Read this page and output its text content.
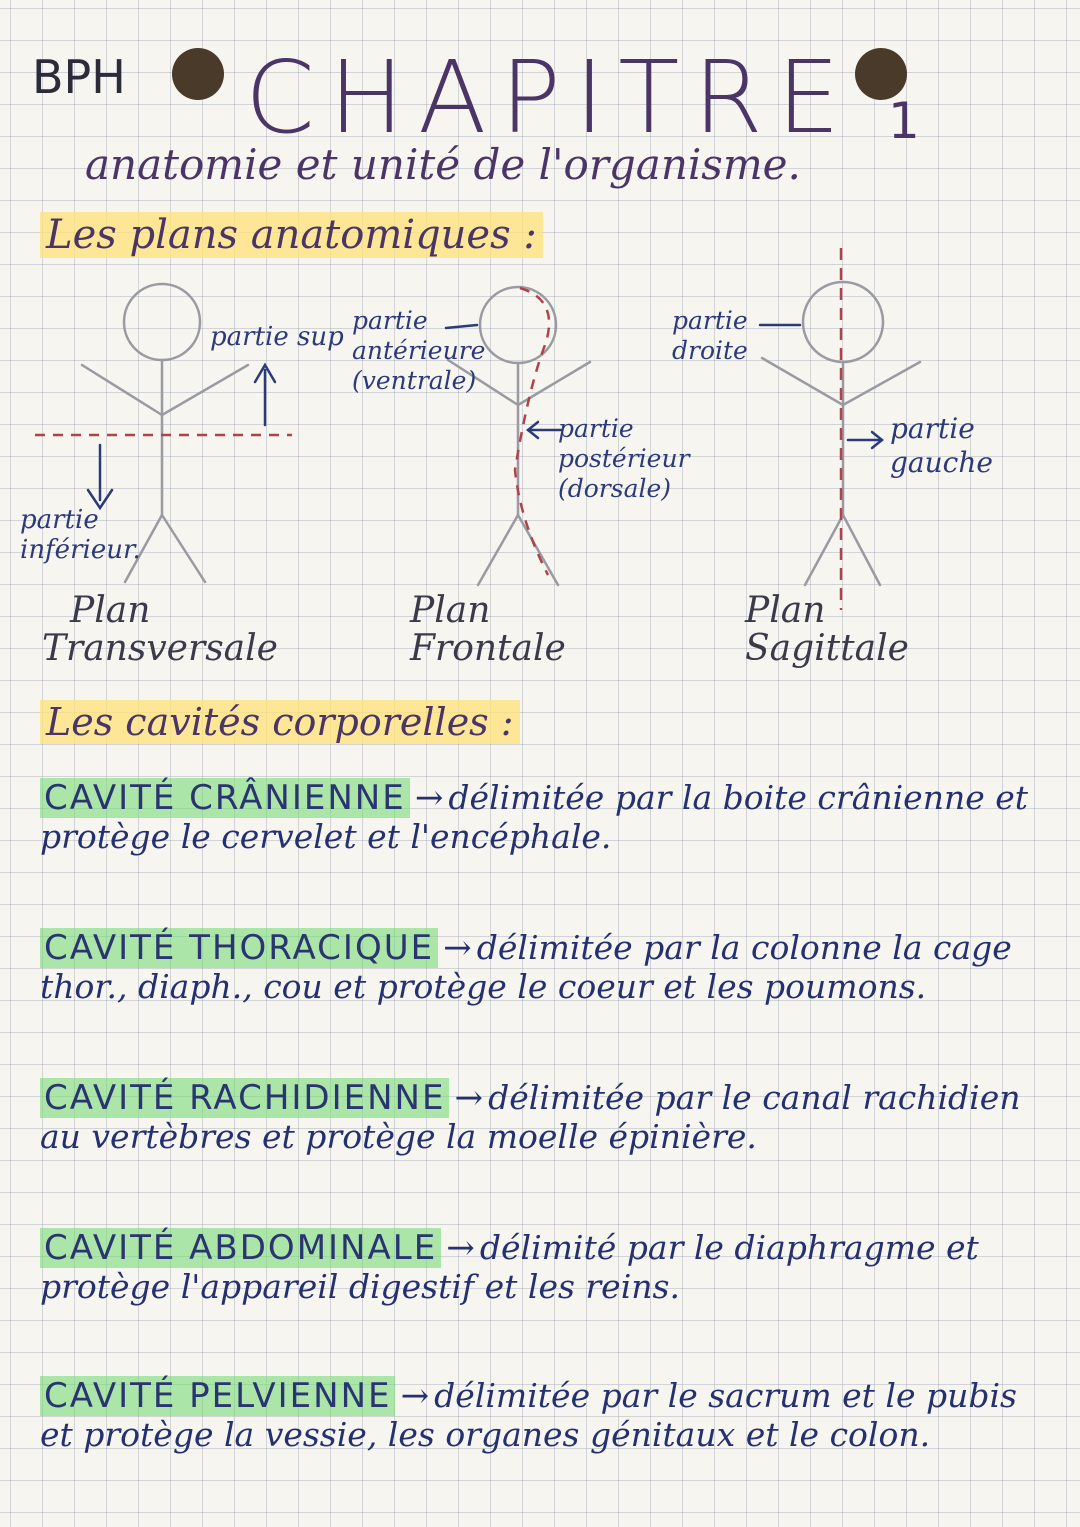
BPH CHAPITRE 1
anatomie et unité de l'organisme.
Les plans anatomiques :
partie sup
partie inférieur.
partie antérieure (ventrale)
partie postérieur (dorsale)
partie droite
partie gauche
Plan
Transversale
Plan
Frontale
Plan
Sagittale
Les cavités corporelles :
CAVITÉ CRÂNIENNE → délimitée par la boite crânienne et protège le cervelet et l'encéphale.
CAVITÉ THORACIQUE → délimitée par la colonne la cage thor., diaph., cou et protège le coeur et les poumons.
CAVITÉ RACHIDIENNE → délimitée par le canal rachidien au vertèbres et protège la moelle épinière.
CAVITÉ ABDOMINALE → délimité par le diaphragme et protège l'appareil digestif et les reins.
CAVITÉ PELVIENNE → délimitée par le sacrum et le pubis et protège la vessie, les organes génitaux et le colon.
